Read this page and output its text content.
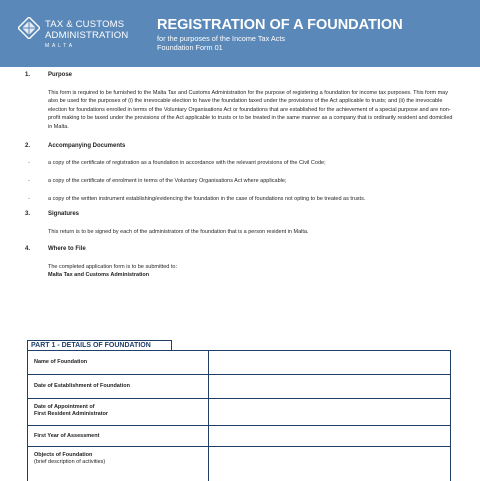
TAX & CUSTOMS
ADMINISTRATION
MALTA
REGISTRATION OF A FOUNDATION
for the purposes of the Income Tax Acts
Foundation Form 01
1.	Purpose
This form is required to be furnished to the Malta Tax and Customs Administration for the purpose of registering a foundation for income tax purposes. This form may also be used for the purposes of (i) the irrevocable election to have the foundation taxed under the provisions of the Act applicable to trusts; and (ii) the irrevocable election for foundations enrolled in terms of the Voluntary Organisations Act or foundations that are established for the achievement of a special purpose and are non-profit making to be taxed under the provisions of the Act applicable to trusts or to be treated in the same manner as a company that is ordinarily resident and domiciled in Malta.
2.	Accompanying Documents
-	a copy of the certificate of registration as a foundation in accordance with the relevant provisions of the Civil Code;
-	a copy of the certificate of enrolment in terms of the Voluntary Organisations Act where applicable;
-	a copy of the written instrument establishing/evidencing the foundation in the case of foundations not opting to be treated as trusts.
3.	Signatures
This return is to be signed by each of the administrators of the foundation that is a person resident in Malta.
4.	Where to File
The completed application form is to be submitted to:
Malta Tax and Customs Administration
PART 1 - DETAILS OF FOUNDATION
Name of Foundation
Date of Establishment of Foundation
Date of Appointment of
First Resident Administrator
First Year of Assessment
Objects of Foundation
(brief description of activities)
